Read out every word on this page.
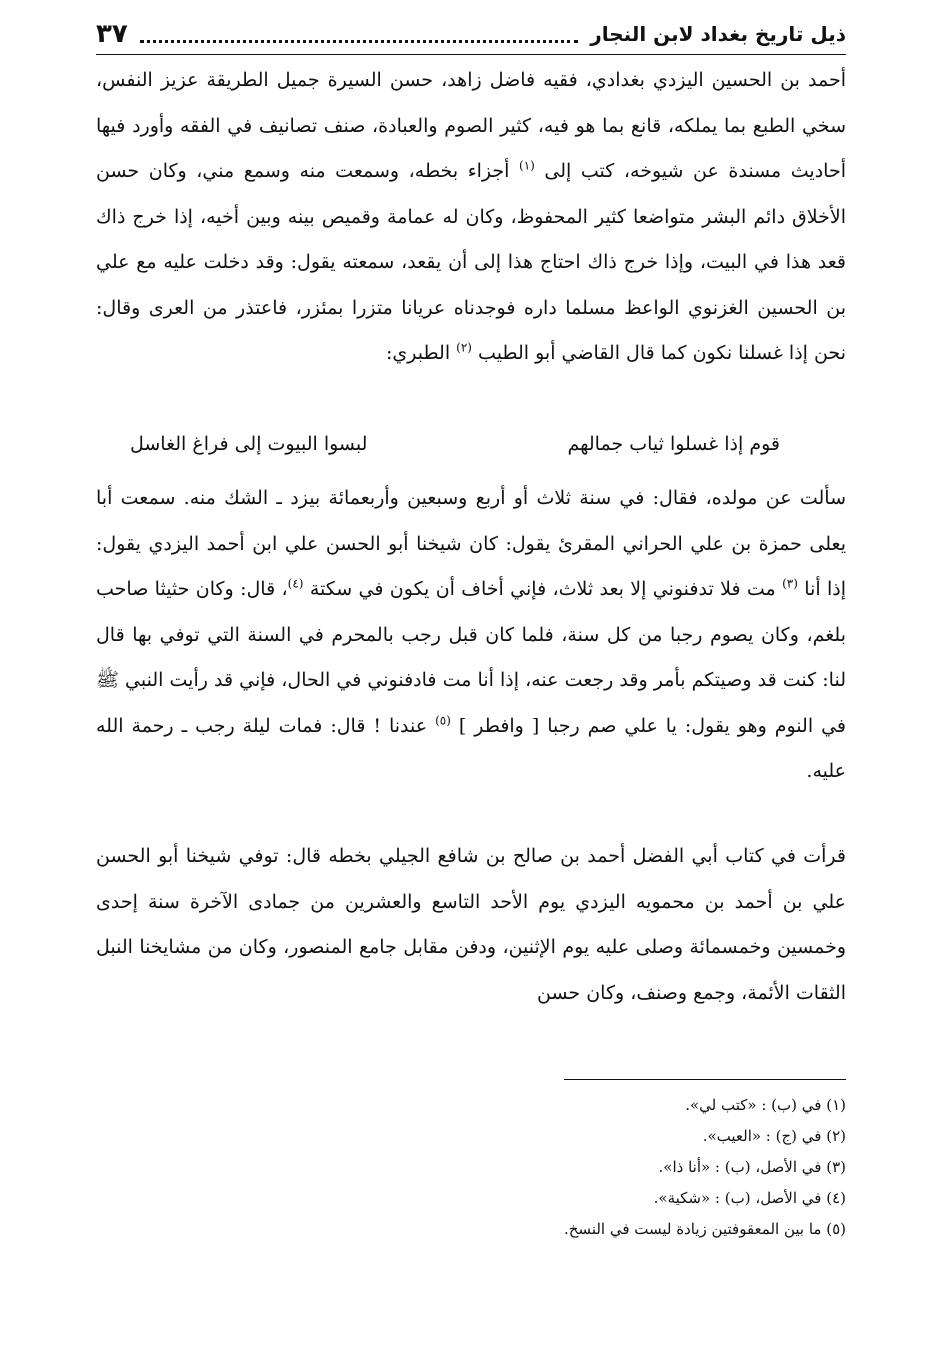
ذيل تاريخ بغداد لابن النجار
٣٧
أحمد بن الحسين اليزدي بغدادي، فقيه فاضل زاهد، حسن السيرة جميل الطريقة عزيز النفس، سخي الطبع بما يملكه، قانع بما هو فيه، كثير الصوم والعبادة، صنف تصانيف في الفقه وأورد فيها أحاديث مسندة عن شيوخه، كتب إلى $^{(١)}$ أجزاء بخطه، وسمعت منه وسمع مني، وكان حسن الأخلاق دائم البشر متواضعا كثير المحفوظ، وكان له عمامة وقميص بينه وبين أخيه، إذا خرج ذاك قعد هذا في البيت، وإذا خرج ذاك احتاج هذا إلى أن يقعد، سمعته يقول: وقد دخلت عليه مع علي بن الحسين الغزنوي الواعظ مسلما داره فوجدناه عريانا متزرا بمئزر، فاعتذر من العرى وقال: نحن إذا غسلنا نكون كما قال القاضي أبو الطيب $^{(٢)}$ الطبري:
قوم إذا غسلوا ثياب جمالهم
لبسوا البيوت إلى فراغ الغاسل
سألت عن مولده، فقال: في سنة ثلاث أو أربع وسبعين وأربعمائة بيزد ـ الشك منه. سمعت أبا يعلى حمزة بن علي الحراني المقرئ يقول: كان شيخنا أبو الحسن علي ابن أحمد اليزدي يقول: إذا أنا $^{(٣)}$ مت فلا تدفنوني إلا بعد ثلاث، فإني أخاف أن يكون في سكتة $^{(٤)}$، قال: وكان حثيثا صاحب بلغم، وكان يصوم رجبا من كل سنة، فلما كان قبل رجب بالمحرم في السنة التي توفي بها قال لنا: كنت قد وصيتكم بأمر وقد رجعت عنه، إذا أنا مت فادفنوني في الحال، فإني قد رأيت النبي ﷺ في النوم وهو يقول: يا علي صم رجبا [ وافطر ] $^{(٥)}$ عندنا ! قال: فمات ليلة رجب ـ رحمة الله عليه.
قرأت في كتاب أبي الفضل أحمد بن صالح بن شافع الجيلي بخطه قال: توفي شيخنا أبو الحسن علي بن أحمد بن محمويه اليزدي يوم الأحد التاسع والعشرين من جمادى الآخرة سنة إحدى وخمسين وخمسمائة وصلى عليه يوم الإثنين، ودفن مقابل جامع المنصور، وكان من مشايخنا النبل الثقات الأئمة، وجمع وصنف، وكان حسن
(١) في (ب) : «كتب لي».
(٢) في (ج) : «العيب».
(٣) في الأصل، (ب) : «أنا ذا».
(٤) في الأصل، (ب) : «شكية».
(٥) ما بين المعقوفتين زيادة ليست في النسخ.
